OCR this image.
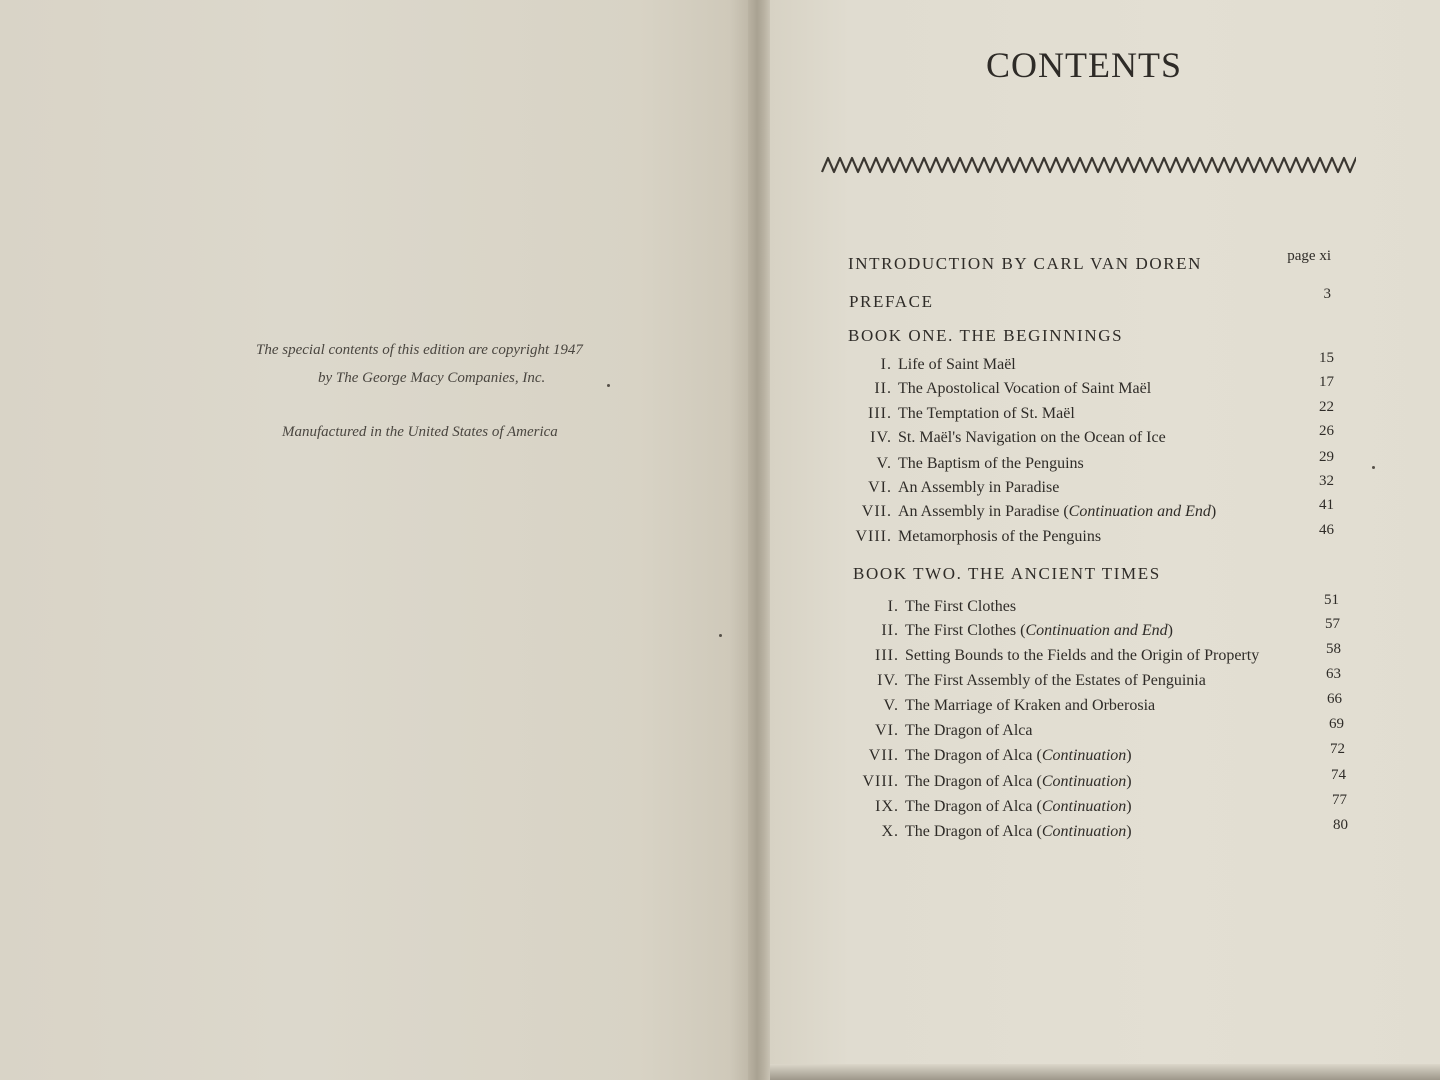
The special contents of this edition are copyright 1947
by The George Macy Companies, Inc.
Manufactured in the United States of America
CONTENTS
INTRODUCTION BY CARL VAN DOREN	page xi
PREFACE	3
BOOK ONE. THE BEGINNINGS
I. Life of Saint Maël	15
II. The Apostolical Vocation of Saint Maël	17
III. The Temptation of St. Maël	22
IV. St. Maël's Navigation on the Ocean of Ice	26
V. The Baptism of the Penguins	29
VI. An Assembly in Paradise	32
VII. An Assembly in Paradise (Continuation and End)	41
VIII. Metamorphosis of the Penguins	46
BOOK TWO. THE ANCIENT TIMES
I. The First Clothes	51
II. The First Clothes (Continuation and End)	57
III. Setting Bounds to the Fields and the Origin of Property	58
IV. The First Assembly of the Estates of Penguinia	63
V. The Marriage of Kraken and Orberosia	66
VI. The Dragon of Alca	69
VII. The Dragon of Alca (Continuation)	72
VIII. The Dragon of Alca (Continuation)	74
IX. The Dragon of Alca (Continuation)	77
X. The Dragon of Alca (Continuation)	80
